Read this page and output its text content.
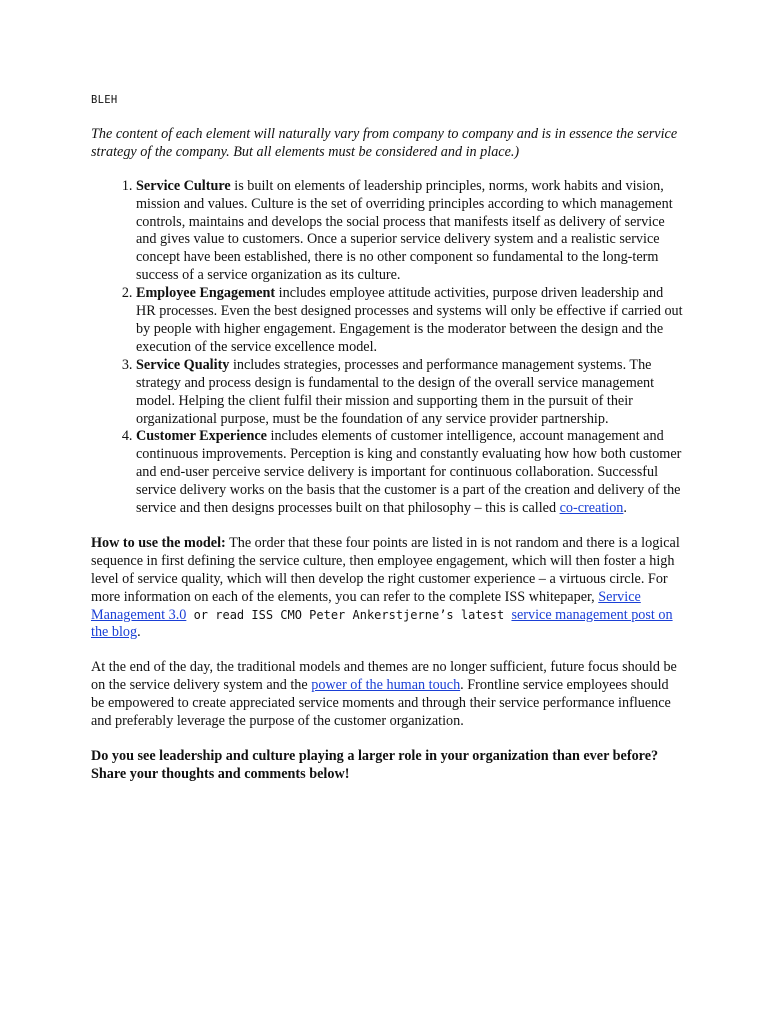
BLEH

The content of each element will naturally vary from company to company and is in essence the service strategy of the company. But all elements must be considered and in place.)

1. Service Culture is built on elements of leadership principles, norms, work habits and vision, mission and values. Culture is the set of overriding principles according to which management controls, maintains and develops the social process that manifests itself as delivery of service and gives value to customers. Once a superior service delivery system and a realistic service concept have been established, there is no other component so fundamental to the long-term success of a service organization as its culture.
2. Employee Engagement includes employee attitude activities, purpose driven leadership and HR processes. Even the best designed processes and systems will only be effective if carried out by people with higher engagement. Engagement is the moderator between the design and the execution of the service excellence model.
3. Service Quality includes strategies, processes and performance management systems. The strategy and process design is fundamental to the design of the overall service management model. Helping the client fulfil their mission and supporting them in the pursuit of their organizational purpose, must be the foundation of any service provider partnership.
4. Customer Experience includes elements of customer intelligence, account management and continuous improvements. Perception is king and constantly evaluating how how both customer and end-user perceive service delivery is important for continuous collaboration. Successful service delivery works on the basis that the customer is a part of the creation and delivery of the service and then designs processes built on that philosophy – this is called co-creation.

How to use the model: The order that these four points are listed in is not random and there is a logical sequence in first defining the service culture, then employee engagement, which will then foster a high level of service quality, which will then develop the right customer experience – a virtuous circle. For more information on each of the elements, you can refer to the complete ISS whitepaper, Service Management 3.0 or read ISS CMO Peter Ankerstjerne’s latest service management post on the blog.

At the end of the day, the traditional models and themes are no longer sufficient, future focus should be on the service delivery system and the power of the human touch. Frontline service employees should be empowered to create appreciated service moments and through their service performance influence and preferably leverage the purpose of the customer organization.

Do you see leadership and culture playing a larger role in your organization than ever before? Share your thoughts and comments below!
